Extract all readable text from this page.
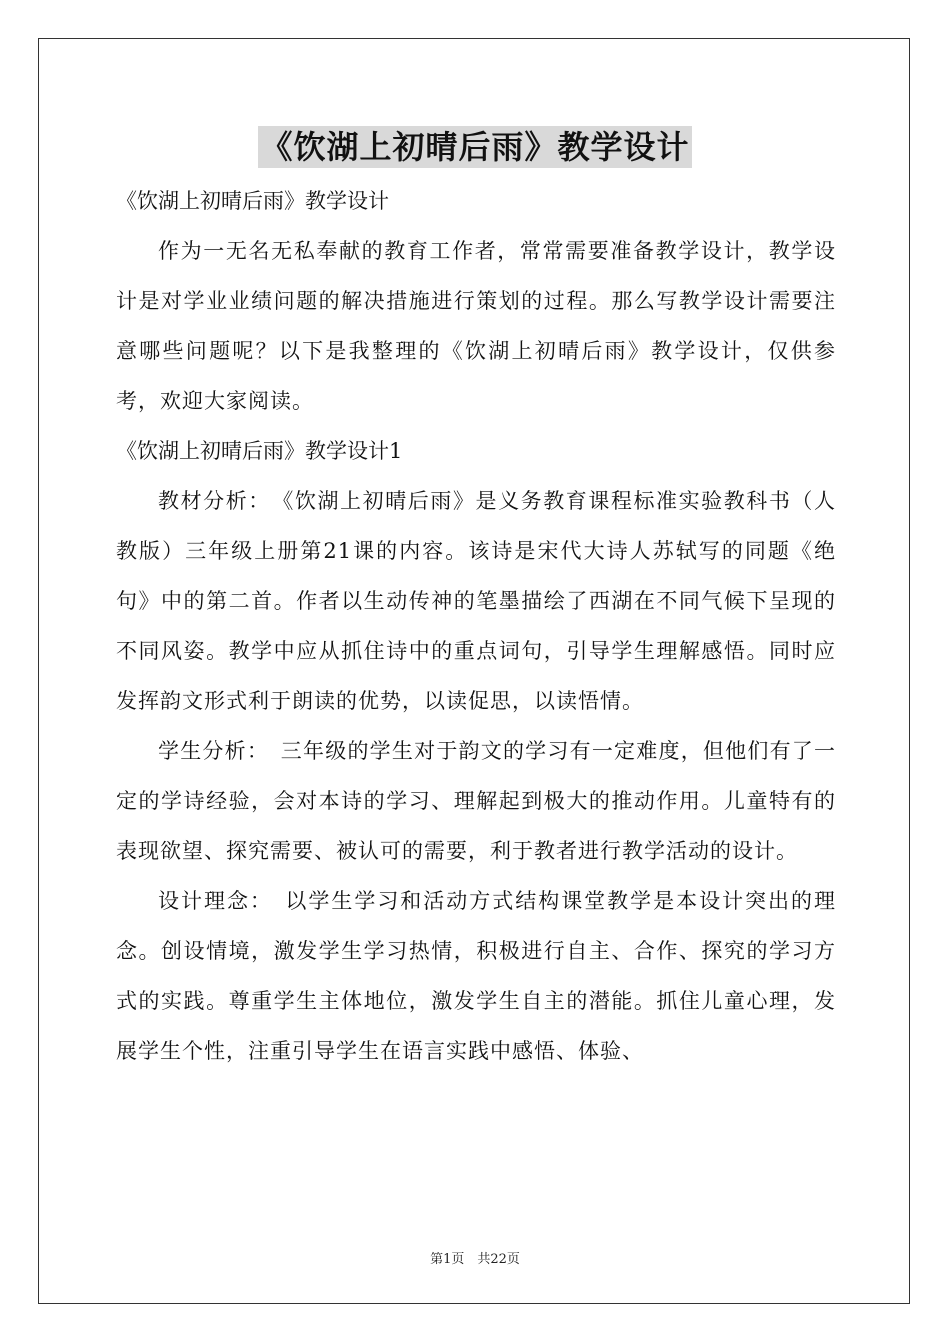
《饮湖上初晴后雨》教学设计

《饮湖上初晴后雨》教学设计

作为一无名无私奉献的教育工作者，常常需要准备教学设计，教学设计是对学业业绩问题的解决措施进行策划的过程。那么写教学设计需要注意哪些问题呢？以下是我整理的《饮湖上初晴后雨》教学设计，仅供参考，欢迎大家阅读。

《饮湖上初晴后雨》教学设计1

教材分析：　《饮湖上初晴后雨》是义务教育课程标准实验教科书（人教版）三年级上册第21课的内容。该诗是宋代大诗人苏轼写的同题《绝句》中的第二首。作者以生动传神的笔墨描绘了西湖在不同气候下呈现的不同风姿。教学中应从抓住诗中的重点词句，引导学生理解感悟。同时应发挥韵文形式利于朗读的优势，以读促思，以读悟情。

学生分析：　三年级的学生对于韵文的学习有一定难度，但他们有了一定的学诗经验，会对本诗的学习、理解起到极大的推动作用。儿童特有的表现欲望、探究需要、被认可的需要，利于教者进行教学活动的设计。

设计理念：　以学生学习和活动方式结构课堂教学是本设计突出的理念。创设情境，激发学生学习热情，积极进行自主、合作、探究的学习方式的实践。尊重学生主体地位，激发学生自主的潜能。抓住儿童心理，发展学生个性，注重引导学生在语言实践中感悟、体验、

第1页　共22页
